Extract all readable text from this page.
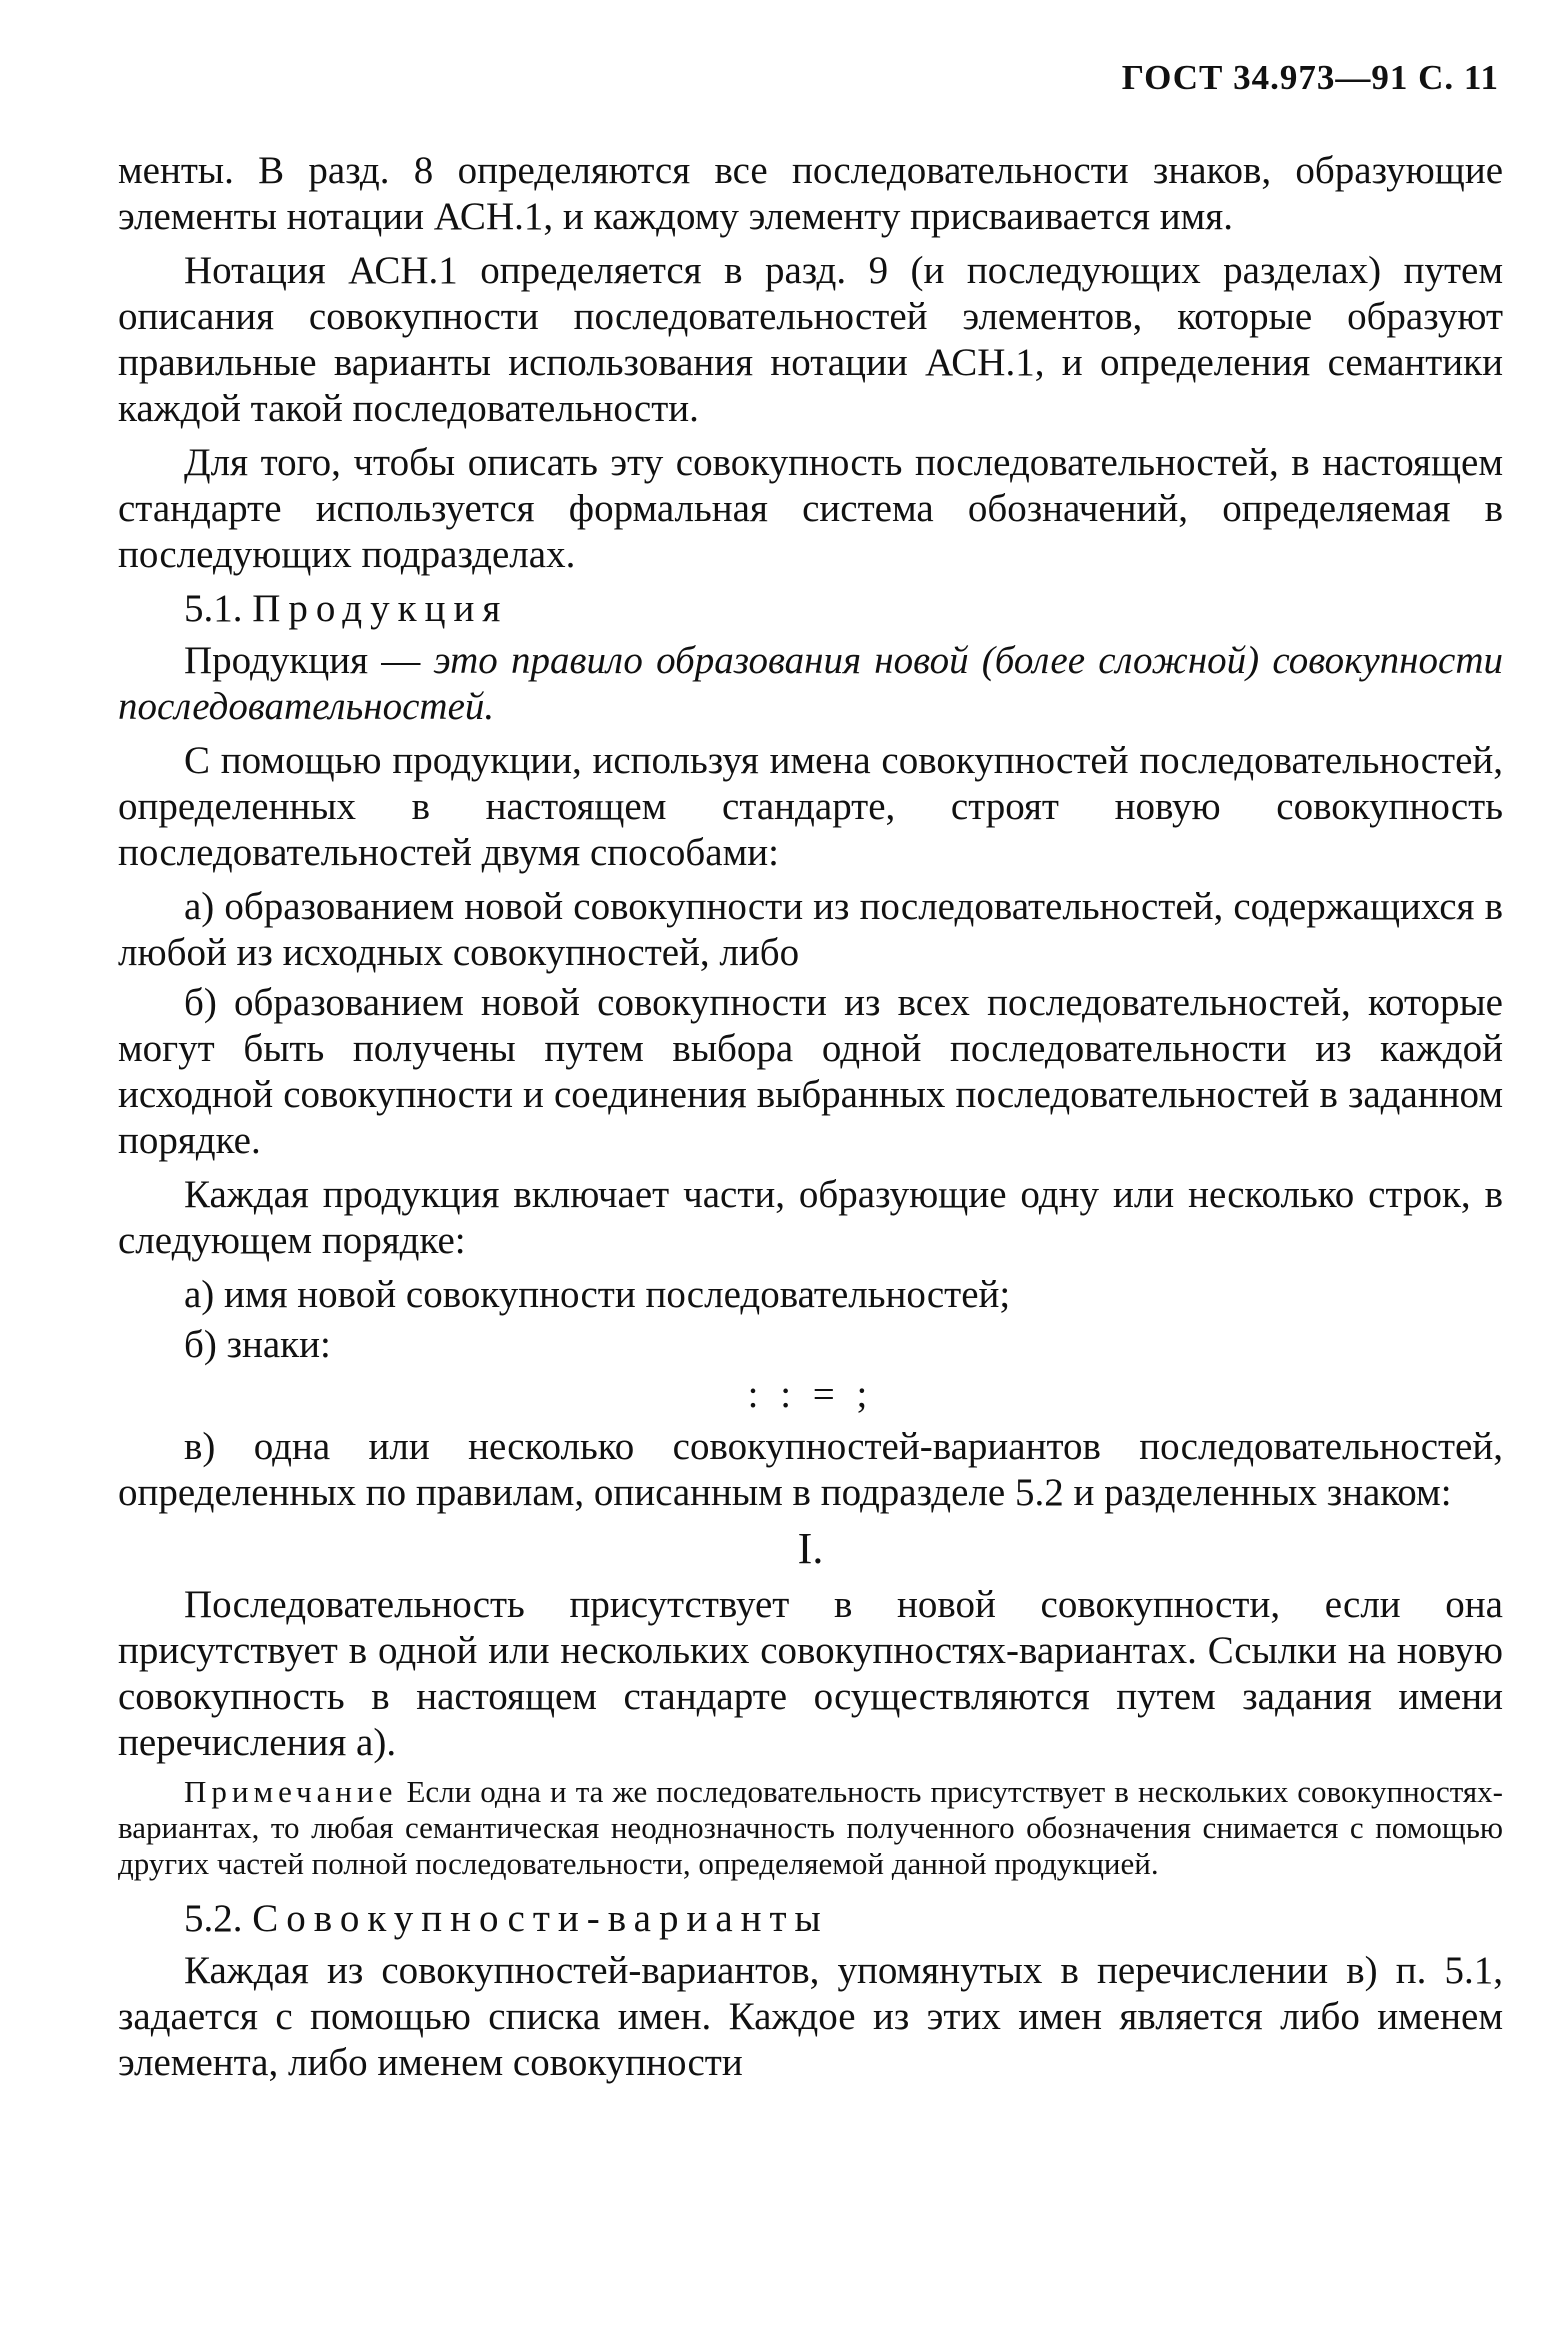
ГОСТ 34.973—91 С. 11

менты. В разд. 8 определяются все последовательности знаков, образующие элементы нотации АСН.1, и каждому элементу присваивается имя.

Нотация АСН.1 определяется в разд. 9 (и последующих разделах) путем описания совокупности последовательностей элементов, которые образуют правильные варианты использования нотации АСН.1, и определения семантики каждой такой последовательности.

Для того, чтобы описать эту совокупность последовательностей, в настоящем стандарте используется формальная система обозначений, определяемая в последующих подразделах.

5.1. Продукция

Продукция — это правило образования новой (более сложной) совокупности последовательностей.

С помощью продукции, используя имена совокупностей последовательностей, определенных в настоящем стандарте, строят новую совокупность последовательностей двумя способами:

а) образованием новой совокупности из последовательностей, содержащихся в любой из исходных совокупностей, либо

б) образованием новой совокупности из всех последовательностей, которые могут быть получены путем выбора одной последовательности из каждой исходной совокупности и соединения выбранных последовательностей в заданном порядке.

Каждая продукция включает части, образующие одну или несколько строк, в следующем порядке:

а) имя новой совокупности последовательностей;

б) знаки:

: : = ;

в) одна или несколько совокупностей-вариантов последовательностей, определенных по правилам, описанным в подразделе 5.2 и разделенных знаком:

I.

Последовательность присутствует в новой совокупности, если она присутствует в одной или нескольких совокупностях-вариантах. Ссылки на новую совокупность в настоящем стандарте осуществляются путем задания имени перечисления а).

Примечание Если одна и та же последовательность присутствует в нескольких совокупностях-вариантах, то любая семантическая неоднозначность полученного обозначения снимается с помощью других частей полной последовательности, определяемой данной продукцией.
5.2. Совокупности-варианты

Каждая из совокупностей-вариантов, упомянутых в перечислении в) п. 5.1, задается с помощью списка имен. Каждое из этих имен является либо именем элемента, либо именем совокупности
